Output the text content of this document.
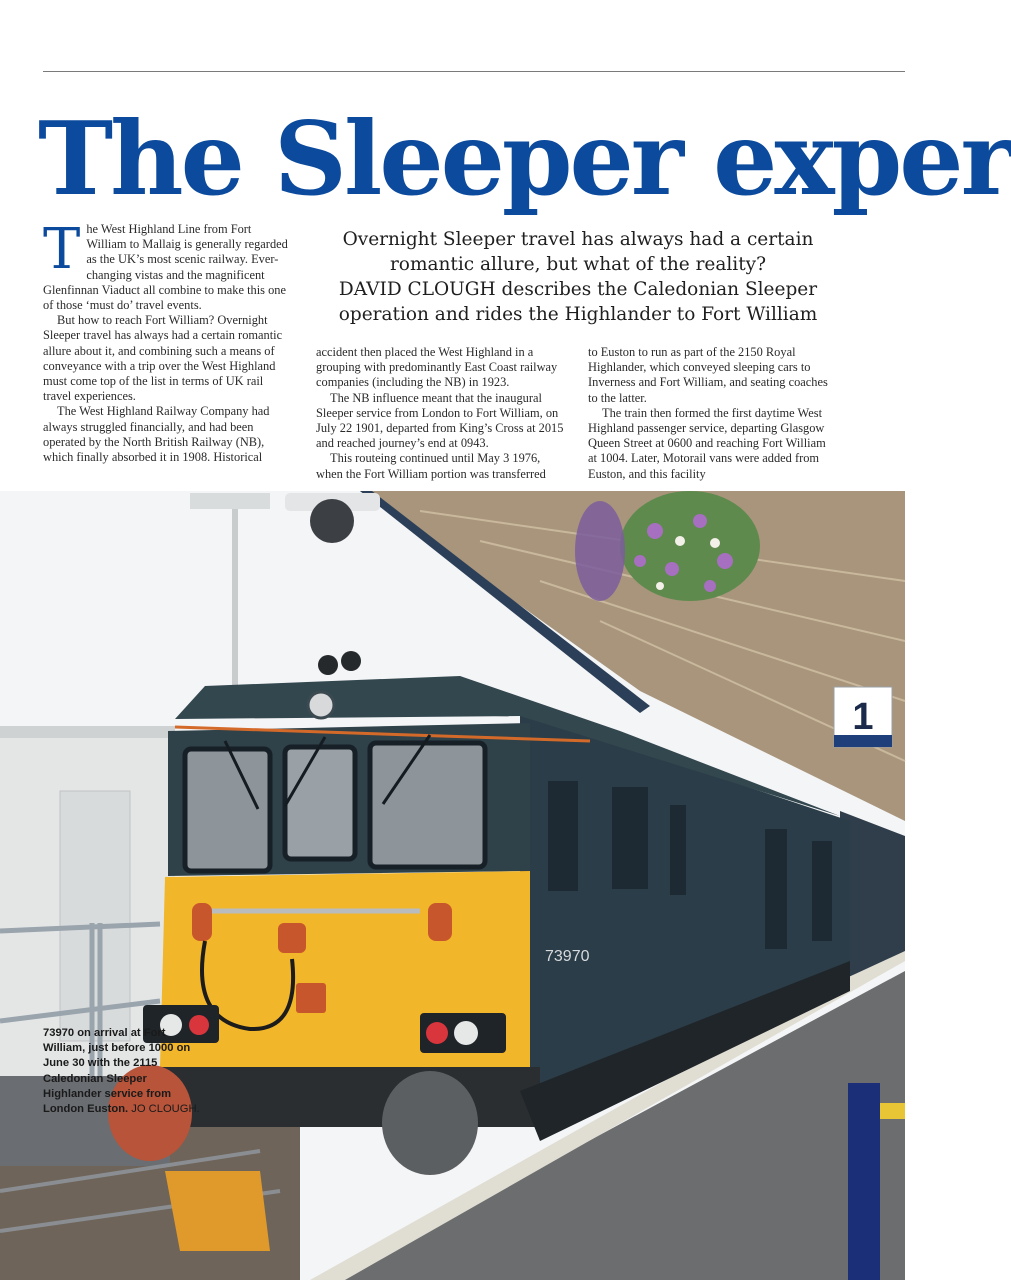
The Sleeper exper

The West Highland Line from Fort William to Mallaig is generally regarded as the UK’s most scenic railway. Ever-changing vistas and the magnificent Glenfinnan Viaduct all combine to make this one of those ‘must do’ travel events.

But how to reach Fort William? Overnight Sleeper travel has always had a certain romantic allure about it, and combining such a means of conveyance with a trip over the West Highland must come top of the list in terms of UK rail travel experiences.

The West Highland Railway Company had always struggled financially, and had been operated by the North British Railway (NB), which finally absorbed it in 1908. Historical

Overnight Sleeper travel has always had a certain
romantic allure, but what of the reality?
DAVID CLOUGH describes the Caledonian Sleeper
operation and rides the Highlander to Fort William

accident then placed the West Highland in a grouping with predominantly East Coast railway companies (including the NB) in 1923.

The NB influence meant that the inaugural Sleeper service from London to Fort William, on July 22 1901, departed from King’s Cross at 2015 and reached journey’s end at 0943.

This routeing continued until May 3 1976, when the Fort William portion was transferred

to Euston to run as part of the 2150 Royal Highlander, which conveyed sleeping cars to Inverness and Fort William, and seating coaches to the latter.

The train then formed the first daytime West Highland passenger service, departing Glasgow Queen Street at 0600 and reaching Fort William at 1004. Later, Motorail vans were added from Euston, and this facility

1
73970
73970 on arrival at Fort William, just before 1000 on June 30 with the 2115 Caledonian Sleeper Highlander service from London Euston. JO CLOUGH.
